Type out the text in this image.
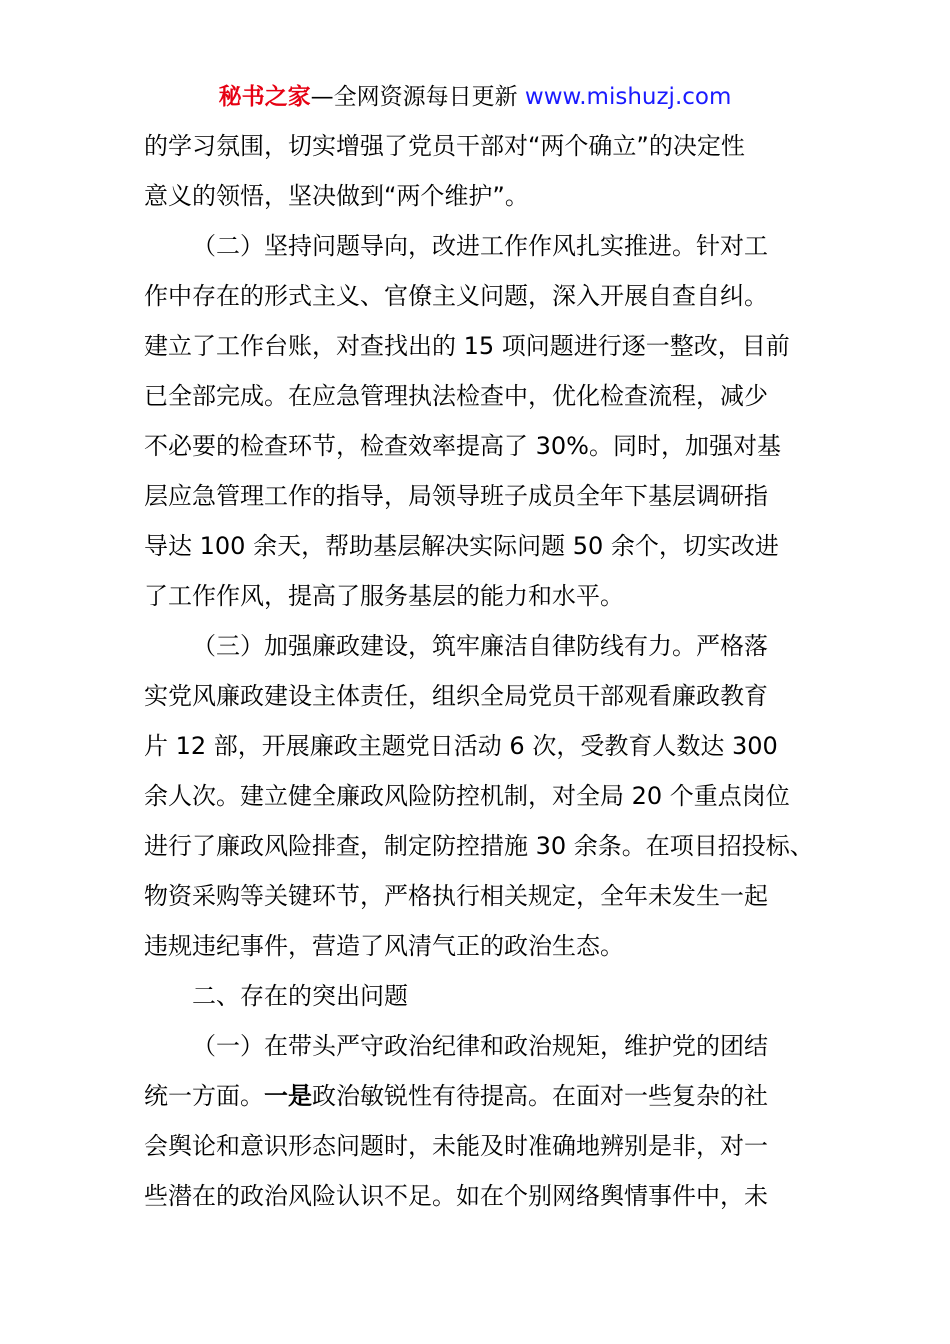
秘书之家—全网资源每日更新 www.mishuzj.com
的学习氛围，切实增强了党员干部对“两个确立”的决定性
意义的领悟，坚决做到“两个维护”。
（二）坚持问题导向，改进工作作风扎实推进。针对工
作中存在的形式主义、官僚主义问题，深入开展自查自纠。
建立了工作台账，对查找出的 15 项问题进行逐一整改，目前
已全部完成。在应急管理执法检查中，优化检查流程，减少
不必要的检查环节，检查效率提高了 30%。同时，加强对基
层应急管理工作的指导，局领导班子成员全年下基层调研指
导达 100 余天，帮助基层解决实际问题 50 余个，切实改进
了工作作风，提高了服务基层的能力和水平。
（三）加强廉政建设，筑牢廉洁自律防线有力。严格落
实党风廉政建设主体责任，组织全局党员干部观看廉政教育
片 12 部，开展廉政主题党日活动 6 次，受教育人数达 300
余人次。建立健全廉政风险防控机制，对全局 20 个重点岗位
进行了廉政风险排查，制定防控措施 30 余条。在项目招投标、
物资采购等关键环节，严格执行相关规定，全年未发生一起
违规违纪事件，营造了风清气正的政治生态。
二、存在的突出问题
（一）在带头严守政治纪律和政治规矩，维护党的团结
统一方面。一是政治敏锐性有待提高。在面对一些复杂的社
会舆论和意识形态问题时，未能及时准确地辨别是非，对一
些潜在的政治风险认识不足。如在个别网络舆情事件中，未
